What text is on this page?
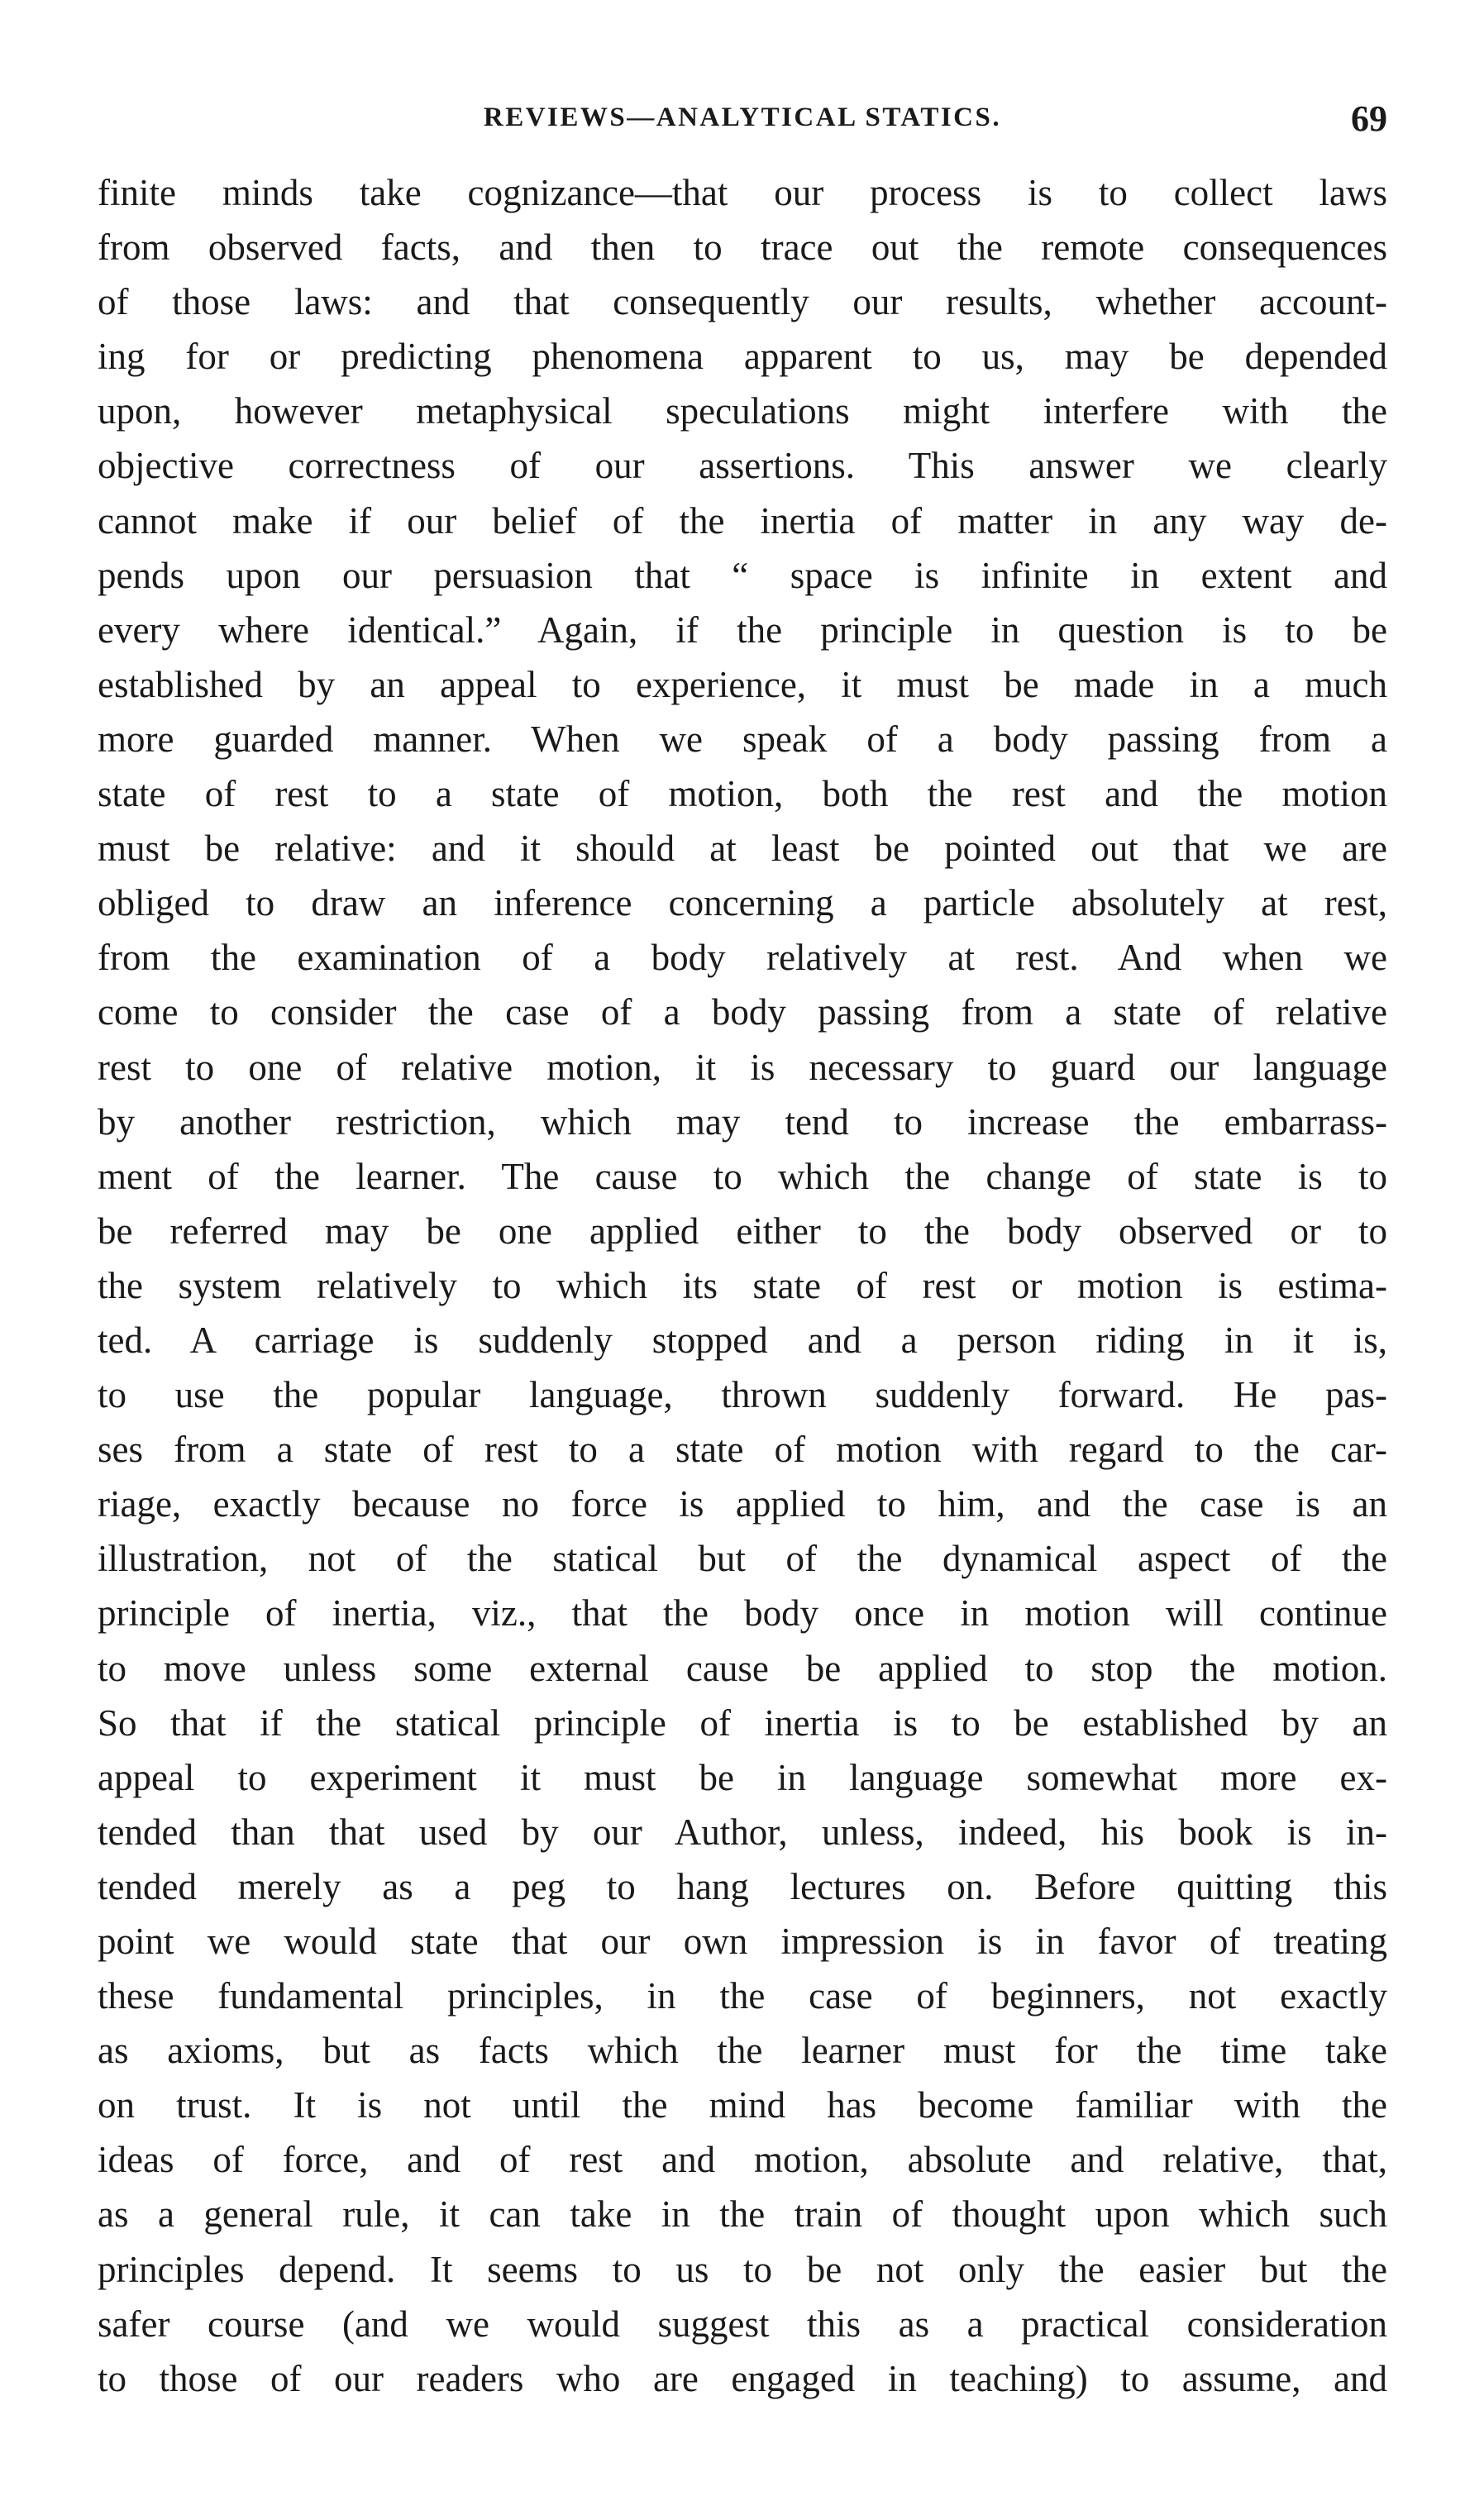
REVIEWS—ANALYTICAL STATICS.	69
finite minds take cognizance—that our process is to collect laws
from observed facts, and then to trace out the remote consequences
of those laws: and that consequently our results, whether account-
ing for or predicting phenomena apparent to us, may be depended
upon, however metaphysical speculations might interfere with the
objective correctness of our assertions. This answer we clearly
cannot make if our belief of the inertia of matter in any way de-
pends upon our persuasion that “ space is infinite in extent and
every where identical.” Again, if the principle in question is to be
established by an appeal to experience, it must be made in a much
more guarded manner. When we speak of a body passing from a
state of rest to a state of motion, both the rest and the motion
must be relative: and it should at least be pointed out that we are
obliged to draw an inference concerning a particle absolutely at rest,
from the examination of a body relatively at rest. And when we
come to consider the case of a body passing from a state of relative
rest to one of relative motion, it is necessary to guard our language
by another restriction, which may tend to increase the embarrass-
ment of the learner. The cause to which the change of state is to
be referred may be one applied either to the body observed or to
the system relatively to which its state of rest or motion is estima-
ted. A carriage is suddenly stopped and a person riding in it is,
to use the popular language, thrown suddenly forward. He pas-
ses from a state of rest to a state of motion with regard to the car-
riage, exactly because no force is applied to him, and the case is an
illustration, not of the statical but of the dynamical aspect of the
principle of inertia, viz., that the body once in motion will continue
to move unless some external cause be applied to stop the motion.
So that if the statical principle of inertia is to be established by an
appeal to experiment it must be in language somewhat more ex-
tended than that used by our Author, unless, indeed, his book is in-
tended merely as a peg to hang lectures on. Before quitting this
point we would state that our own impression is in favor of treating
these fundamental principles, in the case of beginners, not exactly
as axioms, but as facts which the learner must for the time take
on trust. It is not until the mind has become familiar with the
ideas of force, and of rest and motion, absolute and relative, that,
as a general rule, it can take in the train of thought upon which such
principles depend. It seems to us to be not only the easier but the
safer course (and we would suggest this as a practical consideration
to those of our readers who are engaged in teaching) to assume, and
